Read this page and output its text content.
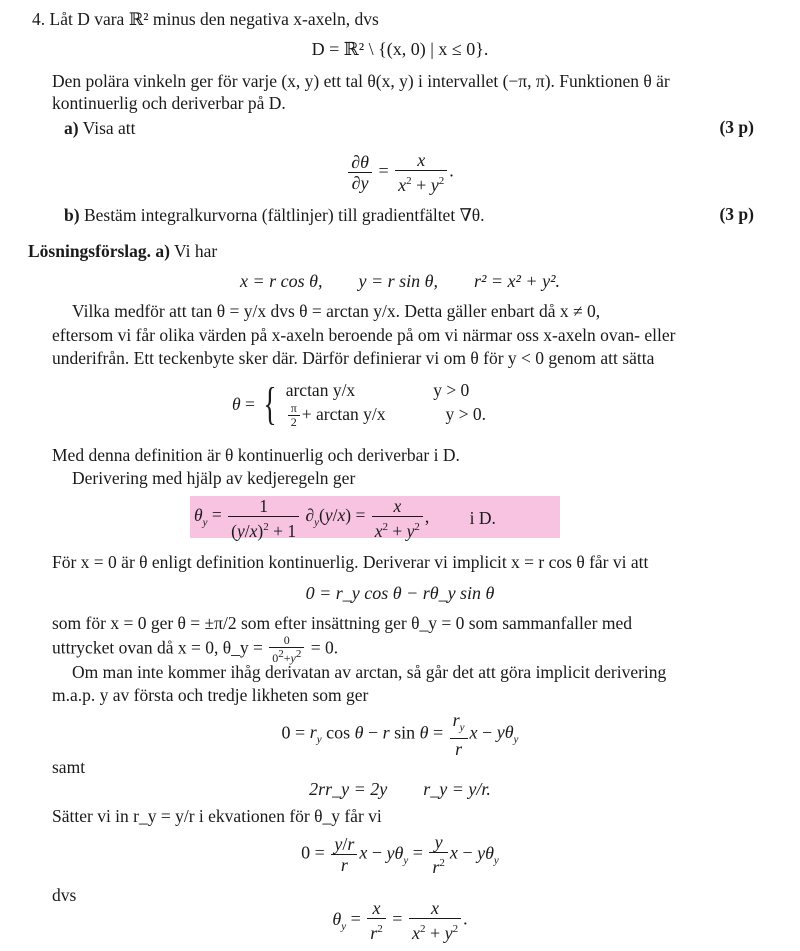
4. Låt D vara ℝ² minus den negativa x-axeln, dvs
D = ℝ² \ {(x, 0) | x ≤ 0}.
Den polära vinkeln ger för varje (x, y) ett tal θ(x, y) i intervallet (−π, π). Funktionen θ är
kontinuerlig och deriverbar på D.
a) Visa att	(3 p)
$\frac{\partial\theta}{\partial y} = \frac{x}{x^2 + y^2}$ .
b) Bestäm integralkurvorna (fältlinjer) till gradientfältet ∇θ.	(3 p)
Lösningsförslag. a) Vi har
x = r cos θ,        y = r sin θ,        r² = x² + y².
Vilka medför att tan θ = y/x dvs θ = arctan y/x. Detta gäller enbart då x ≠ 0,
eftersom vi får olika värden på x-axeln beroende på om vi närmar oss x-axeln ovan- eller
underifrån. Ett teckenbyte sker där. Därför definierar vi om θ för y < 0 genom att sätta
θ = { arctan y/x	y > 0
$\frac{\pi}{2} + \arctan y/x$	y > 0.
Med denna definition är θ kontinuerlig och deriverbar i D.
Derivering med hjälp av kedjeregeln ger
$\theta_y = \frac{1}{(y/x)^2 + 1} \partial_y(y/x) = \frac{x}{x^2 + y^2}$ , i D.
För x = 0 är θ enligt definition kontinuerlig. Deriverar vi implicit x = r cos θ får vi att
0 = r_y cos θ − rθ_y sin θ
som för x = 0 ger θ = ±π/2 som efter insättning ger θ_y = 0 som sammanfaller med
uttrycket ovan då x = 0, θ_y = $\frac{0}{0^2+y^2} = 0$.
Om man inte kommer ihåg derivatan av arctan, så går det att göra implicit derivering
m.a.p. y av första och tredje likheten som ger
$0 = r_y$ cos θ − r $\sin \theta = \frac{r_y}{r}$ $x - y\theta_y$
samt
2rr_y = 2y        r_y = y/r.
Sätter vi in r_y = y/r i ekvationen för θ_y får vi
$0 = \frac{y/r}{r}$ $x - y\theta_y = \frac{y}{r^2}$ $x - y\theta_y$
dvs
$\theta_y = \frac{x}{r^2} = \frac{x}{x^2 + y^2}$ .
